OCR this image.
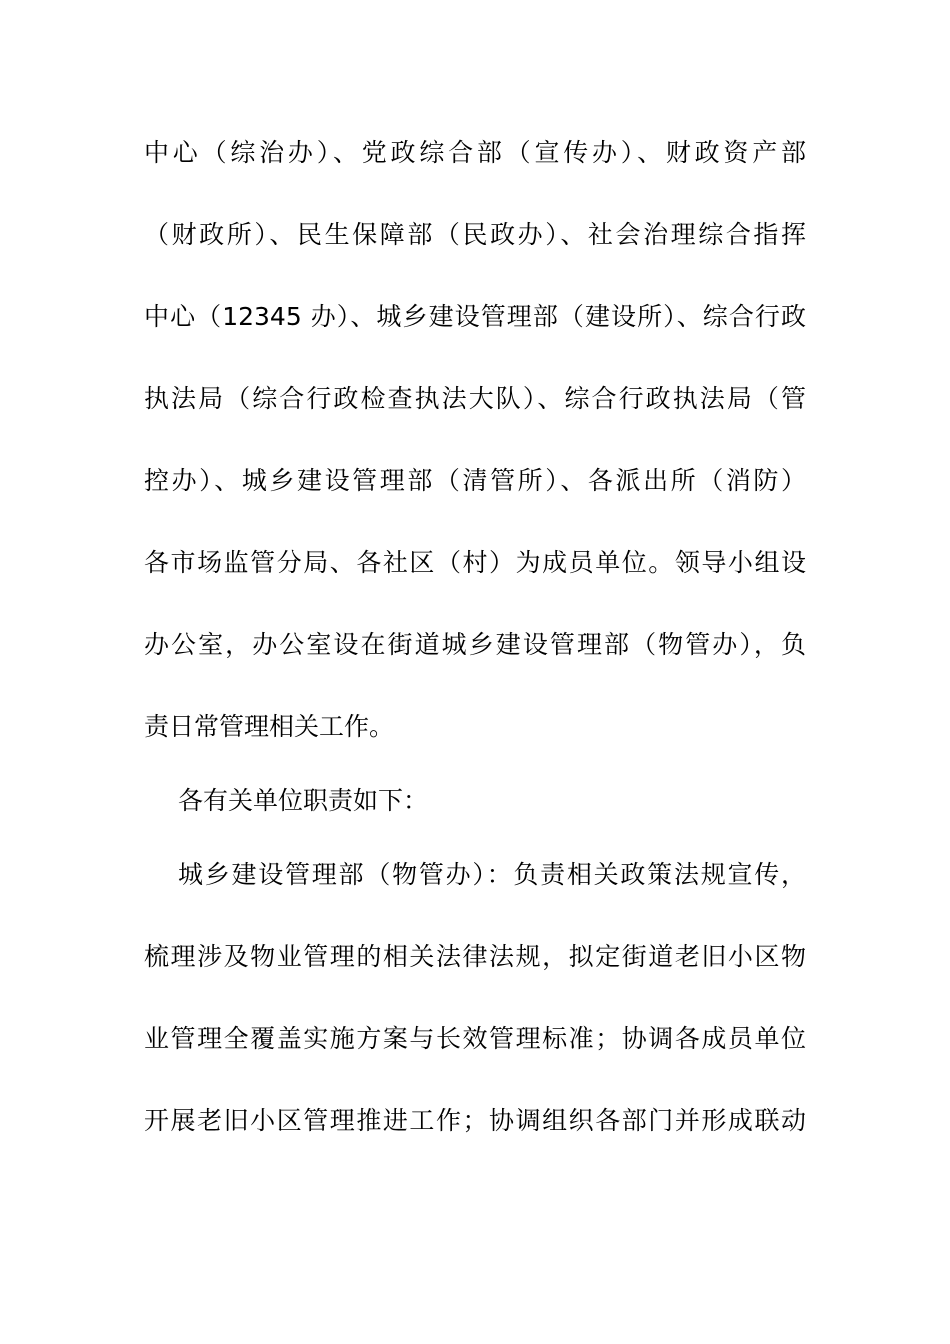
中心（综治办）、党政综合部（宣传办）、财政资产部
（财政所）、民生保障部（民政办）、社会治理综合指挥
中心（12345 办）、城乡建设管理部（建设所）、综合行政
执法局（综合行政检查执法大队）、综合行政执法局（管
控办）、城乡建设管理部（清管所）、各派出所（消防）
各市场监管分局、各社区（村）为成员单位。领导小组设
办公室，办公室设在街道城乡建设管理部（物管办），负
责日常管理相关工作。
各有关单位职责如下：
城乡建设管理部（物管办）：负责相关政策法规宣传，
梳理涉及物业管理的相关法律法规，拟定街道老旧小区物
业管理全覆盖实施方案与长效管理标准；协调各成员单位
开展老旧小区管理推进工作；协调组织各部门并形成联动
